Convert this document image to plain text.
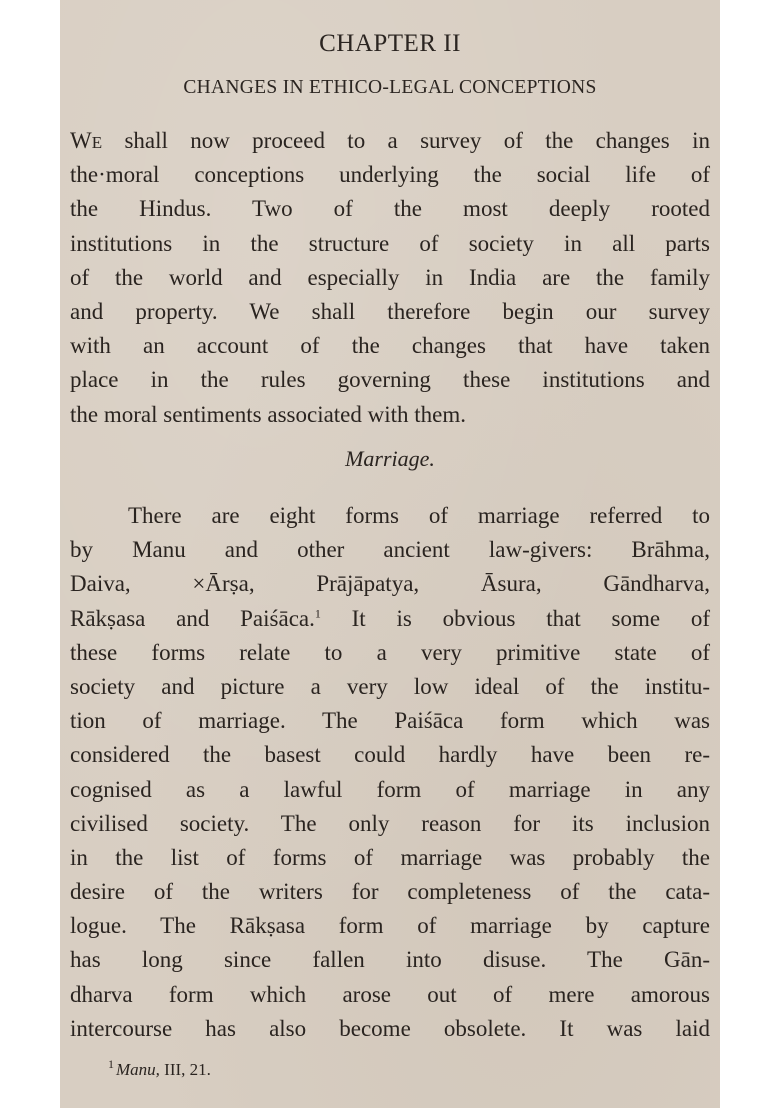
CHAPTER II
CHANGES IN ETHICO-LEGAL CONCEPTIONS
WE shall now proceed to a survey of the changes in
the·moral conceptions underlying the social life of
the Hindus. Two of the most deeply rooted
institutions in the structure of society in all parts
of the world and especially in India are the family
and property. We shall therefore begin our survey
with an account of the changes that have taken
place in the rules governing these institutions and
the moral sentiments associated with them.
Marriage.
There are eight forms of marriage referred to
by Manu and other ancient law-givers: Brāhma,
Daiva, ×Ārṣa, Prājāpatya, Āsura, Gāndharva,
Rākṣasa and Paiśāca.$^1$ It is obvious that some of
these forms relate to a very primitive state of
society and picture a very low ideal of the institu-
tion of marriage. The Paiśāca form which was
considered the basest could hardly have been re-
cognised as a lawful form of marriage in any
civilised society. The only reason for its inclusion
in the list of forms of marriage was probably the
desire of the writers for completeness of the cata-
logue. The Rākṣasa form of marriage by capture
has long since fallen into disuse. The Gān-
dharva form which arose out of mere amorous
intercourse has also become obsolete. It was laid
$^1$ Manu, III, 21.
